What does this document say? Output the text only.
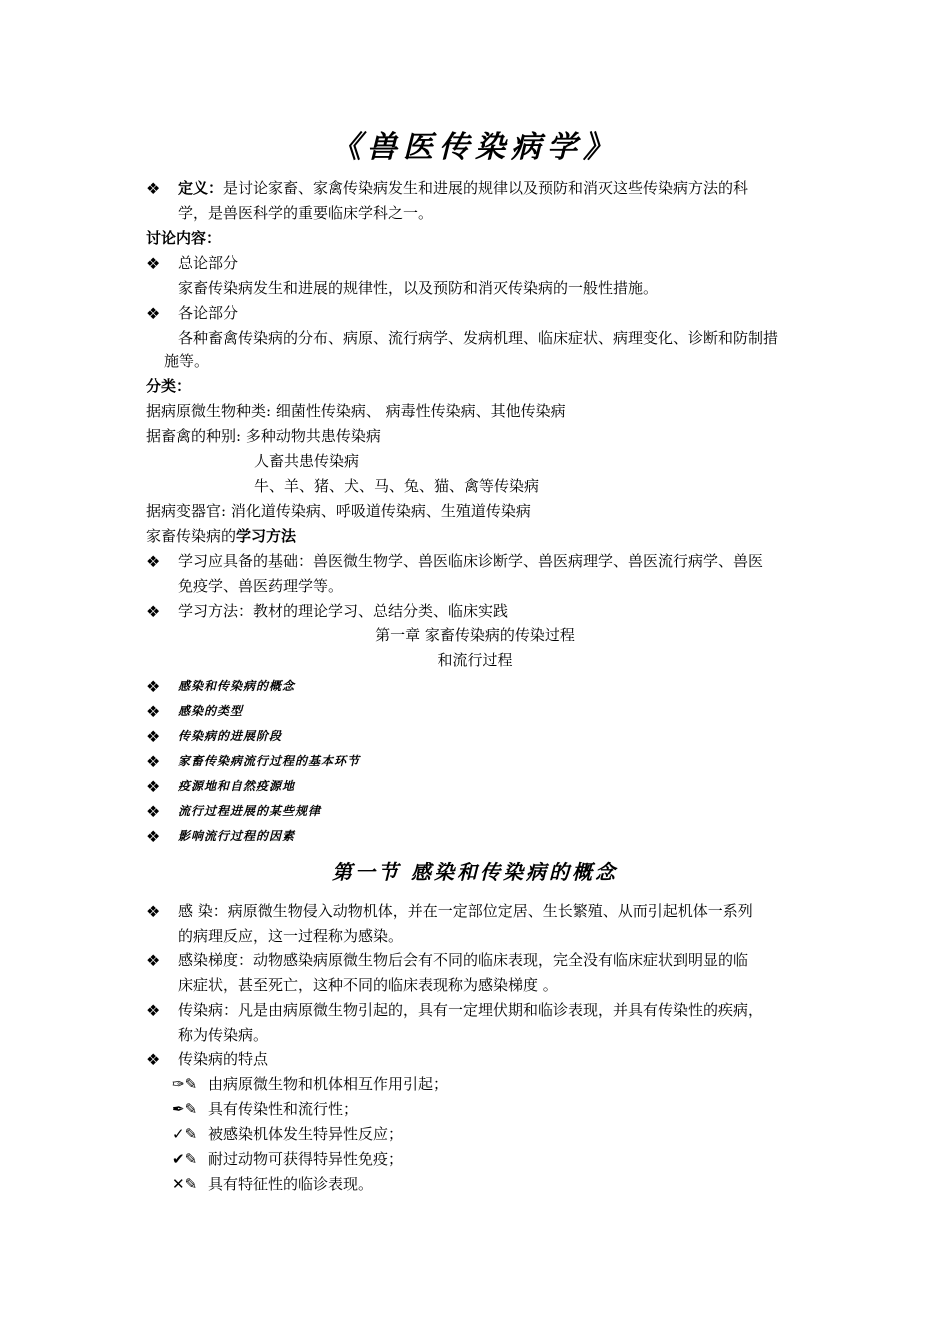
《兽医传染病学》
❖ 定义：是讨论家畜、家禽传染病发生和进展的规律以及预防和消灭这些传染病方法的科
学，是兽医科学的重要临床学科之一。
讨论内容：
❖ 总论部分
家畜传染病发生和进展的规律性，以及预防和消灭传染病的一般性措施。
❖ 各论部分
各种畜禽传染病的分布、病原、流行病学、发病机理、临床症状、病理变化、诊断和防制措
施等。
分类：
据病原微生物种类: 细菌性传染病、 病毒性传染病、其他传染病
据畜禽的种别: 多种动物共患传染病
人畜共患传染病
牛、羊、猪、犬、马、兔、猫、禽等传染病
据病变器官: 消化道传染病、呼吸道传染病、生殖道传染病
家畜传染病的学习方法
❖ 学习应具备的基础：兽医微生物学、兽医临床诊断学、兽医病理学、兽医流行病学、兽医
免疫学、兽医药理学等。
❖ 学习方法：教材的理论学习、总结分类、临床实践
第一章 家畜传染病的传染过程
和流行过程
❖ 感染和传染病的概念
❖ 感染的类型
❖ 传染病的进展阶段
❖ 家畜传染病流行过程的基本环节
❖ 疫源地和自然疫源地
❖ 流行过程进展的某些规律
❖ 影响流行过程的因素
第一节 感染和传染病的概念
❖ 感 染：病原微生物侵入动物机体，并在一定部位定居、生长繁殖、从而引起机体一系列
的病理反应，这一过程称为感染。
❖ 感染梯度：动物感染病原微生物后会有不同的临床表现，完全没有临床症状到明显的临
床症状，甚至死亡，这种不同的临床表现称为感染梯度 。
❖ 传染病：凡是由病原微生物引起的，具有一定埋伏期和临诊表现，并具有传染性的疾病，
称为传染病。
❖ 传染病的特点
✑✎ 由病原微生物和机体相互作用引起；
✒✎ 具有传染性和流行性；
✓✎ 被感染机体发生特异性反应；
✔✎ 耐过动物可获得特异性免疫；
✕✎ 具有特征性的临诊表现。
